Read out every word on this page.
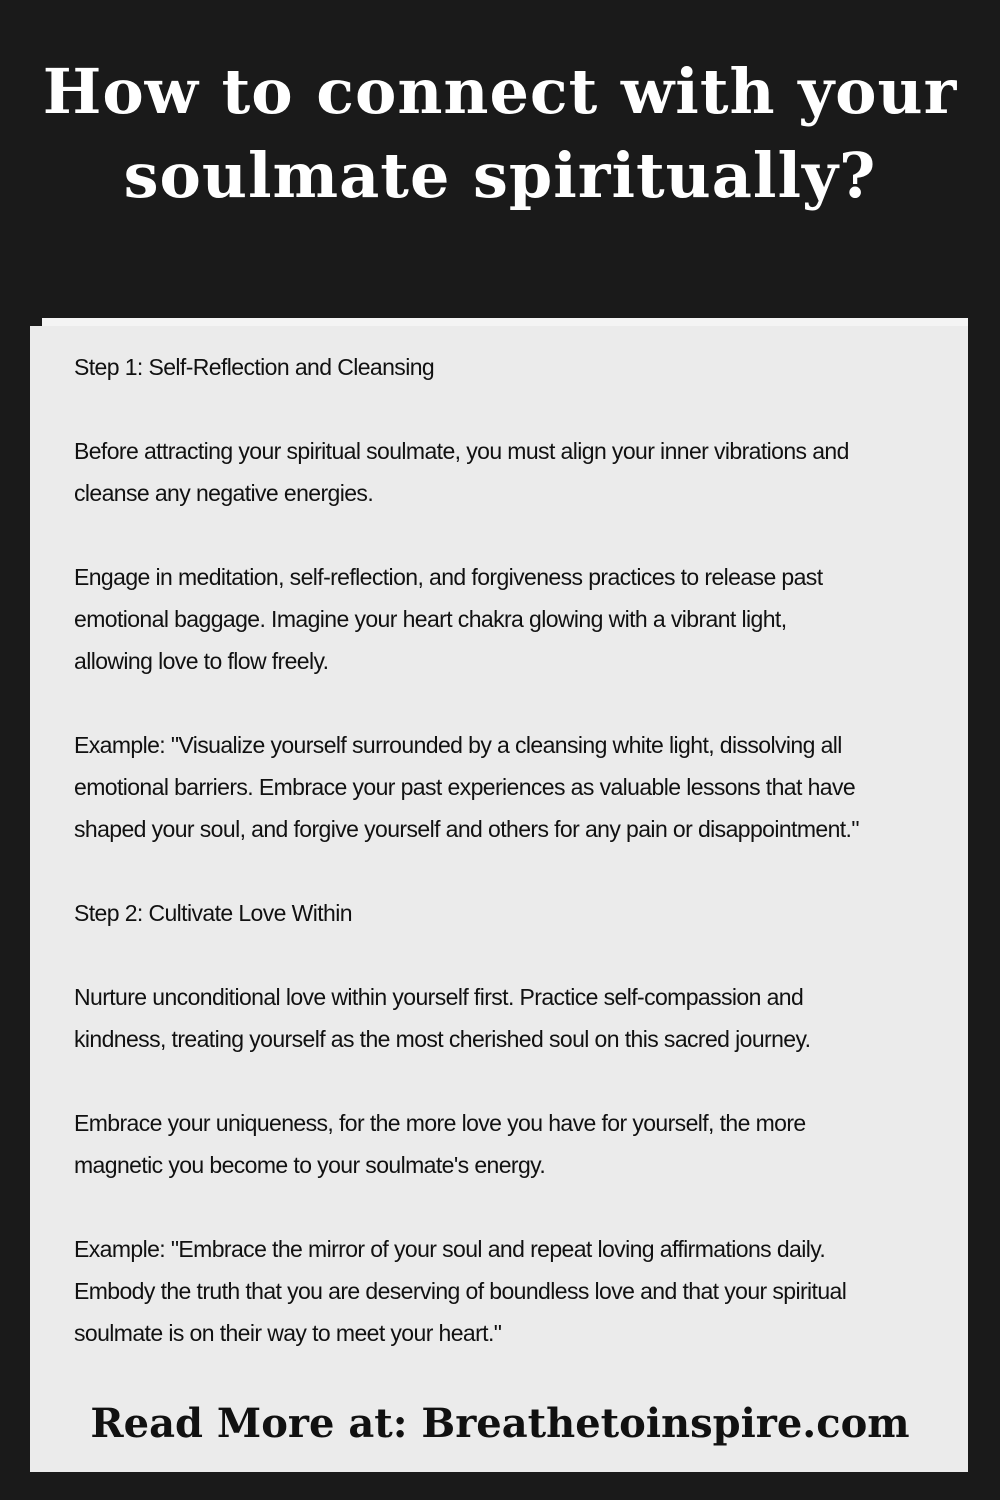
How to connect with your
soulmate spiritually?

Step 1: Self-Reflection and Cleansing

Before attracting your spiritual soulmate, you must align your inner vibrations and
cleanse any negative energies.

Engage in meditation, self-reflection, and forgiveness practices to release past
emotional baggage. Imagine your heart chakra glowing with a vibrant light,
allowing love to flow freely.

Example: "Visualize yourself surrounded by a cleansing white light, dissolving all
emotional barriers. Embrace your past experiences as valuable lessons that have
shaped your soul, and forgive yourself and others for any pain or disappointment."

Step 2: Cultivate Love Within

Nurture unconditional love within yourself first. Practice self-compassion and
kindness, treating yourself as the most cherished soul on this sacred journey.

Embrace your uniqueness, for the more love you have for yourself, the more
magnetic you become to your soulmate's energy.

Example: "Embrace the mirror of your soul and repeat loving affirmations daily.
Embody the truth that you are deserving of boundless love and that your spiritual
soulmate is on their way to meet your heart."

Read More at: Breathetoinspire.com
